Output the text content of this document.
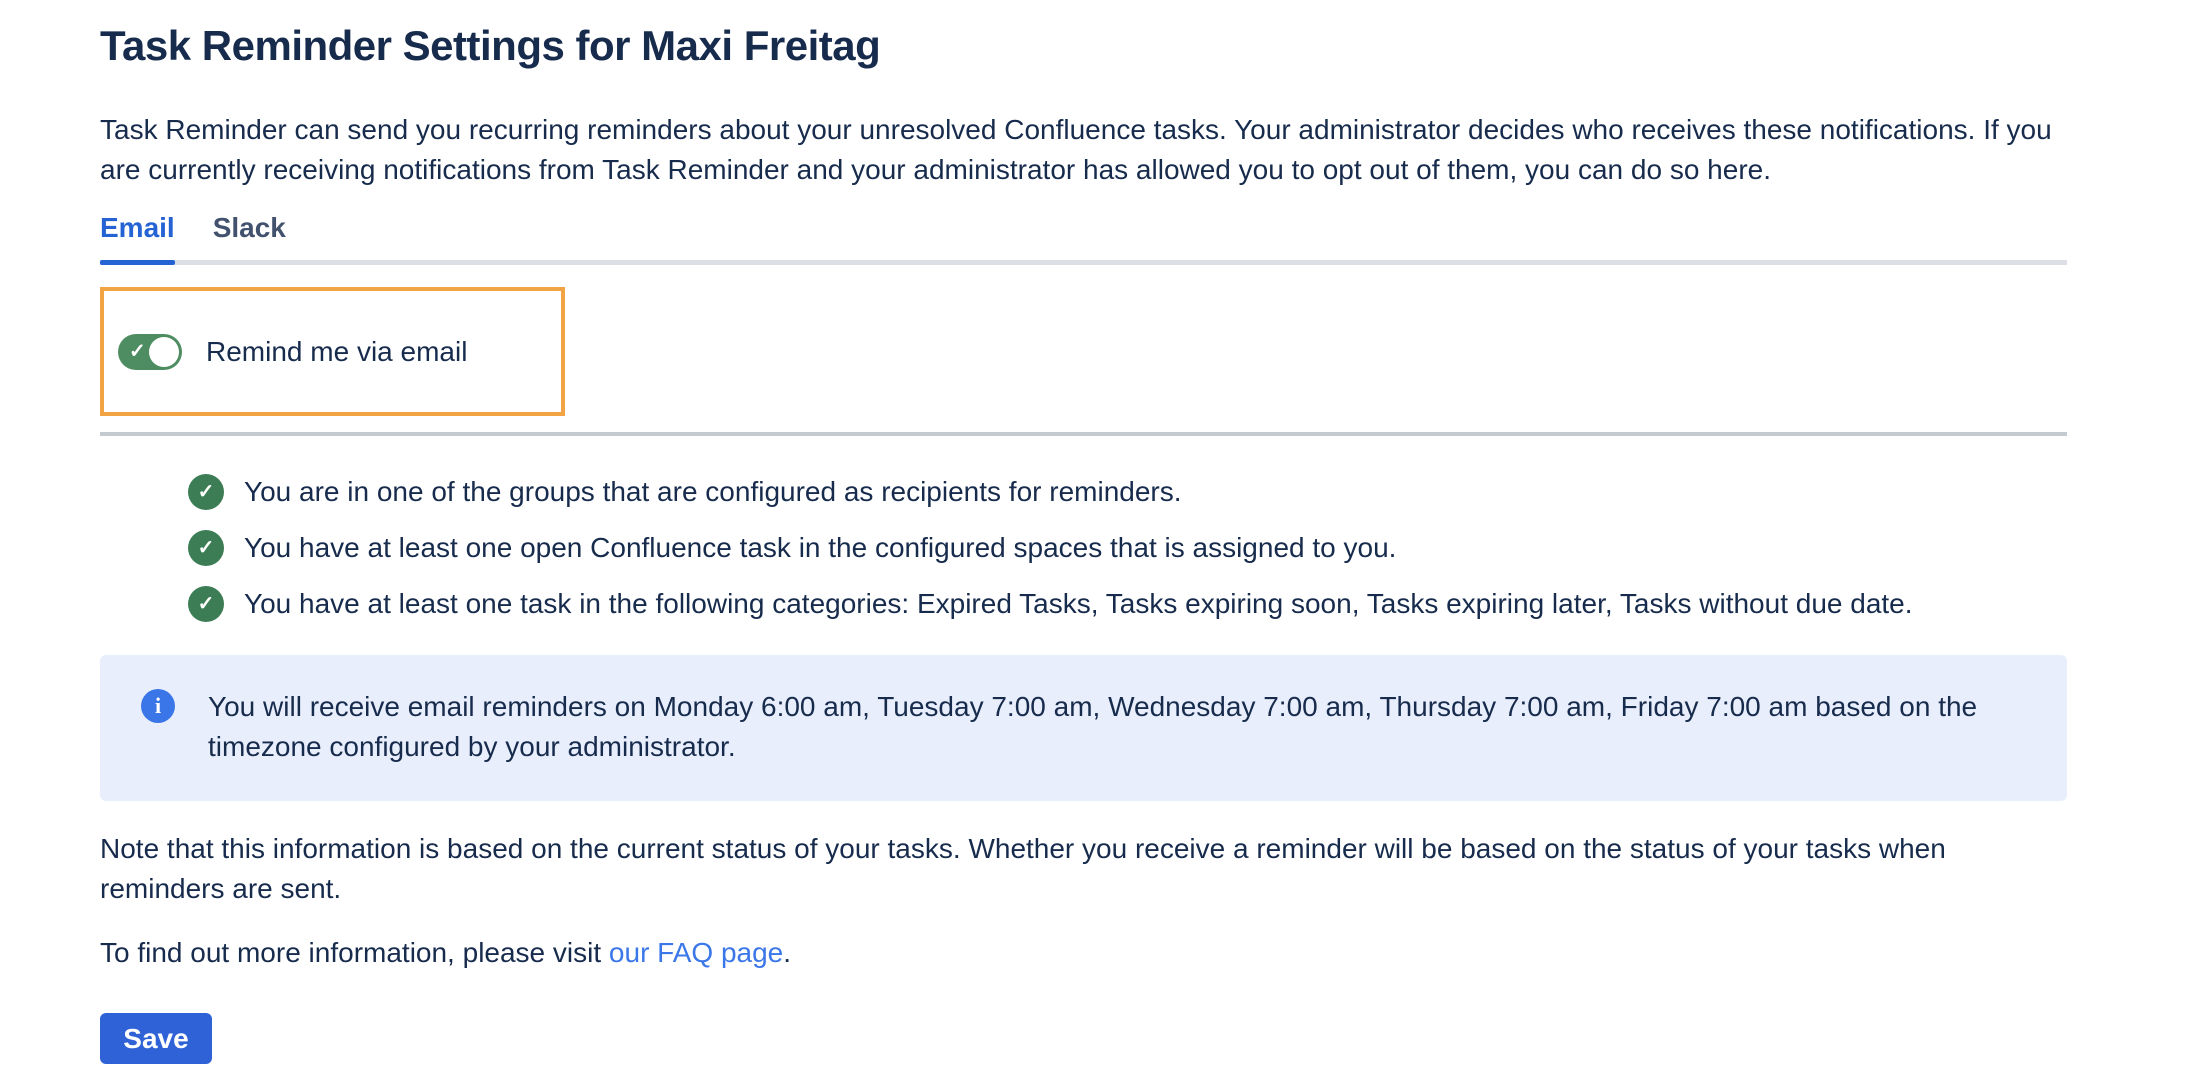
Task Reminder Settings for Maxi Freitag

Task Reminder can send you recurring reminders about your unresolved Confluence tasks. Your administrator decides who receives these notifications. If you are currently receiving notifications from Task Reminder and your administrator has allowed you to opt out of them, you can do so here.

Email Slack
✓ Remind me via email
✓	You are in one of the groups that are configured as recipients for reminders.
✓	You have at least one open Confluence task in the configured spaces that is assigned to you.
✓	You have at least one task in the following categories: Expired Tasks, Tasks expiring soon, Tasks expiring later, Tasks without due date.
i	You will receive email reminders on Monday 6:00 am, Tuesday 7:00 am, Wednesday 7:00 am, Thursday 7:00 am, Friday 7:00 am based on the timezone configured by your administrator.

Note that this information is based on the current status of your tasks. Whether you receive a reminder will be based on the status of your tasks when reminders are sent.

To find out more information, please visit our FAQ page.

Save
